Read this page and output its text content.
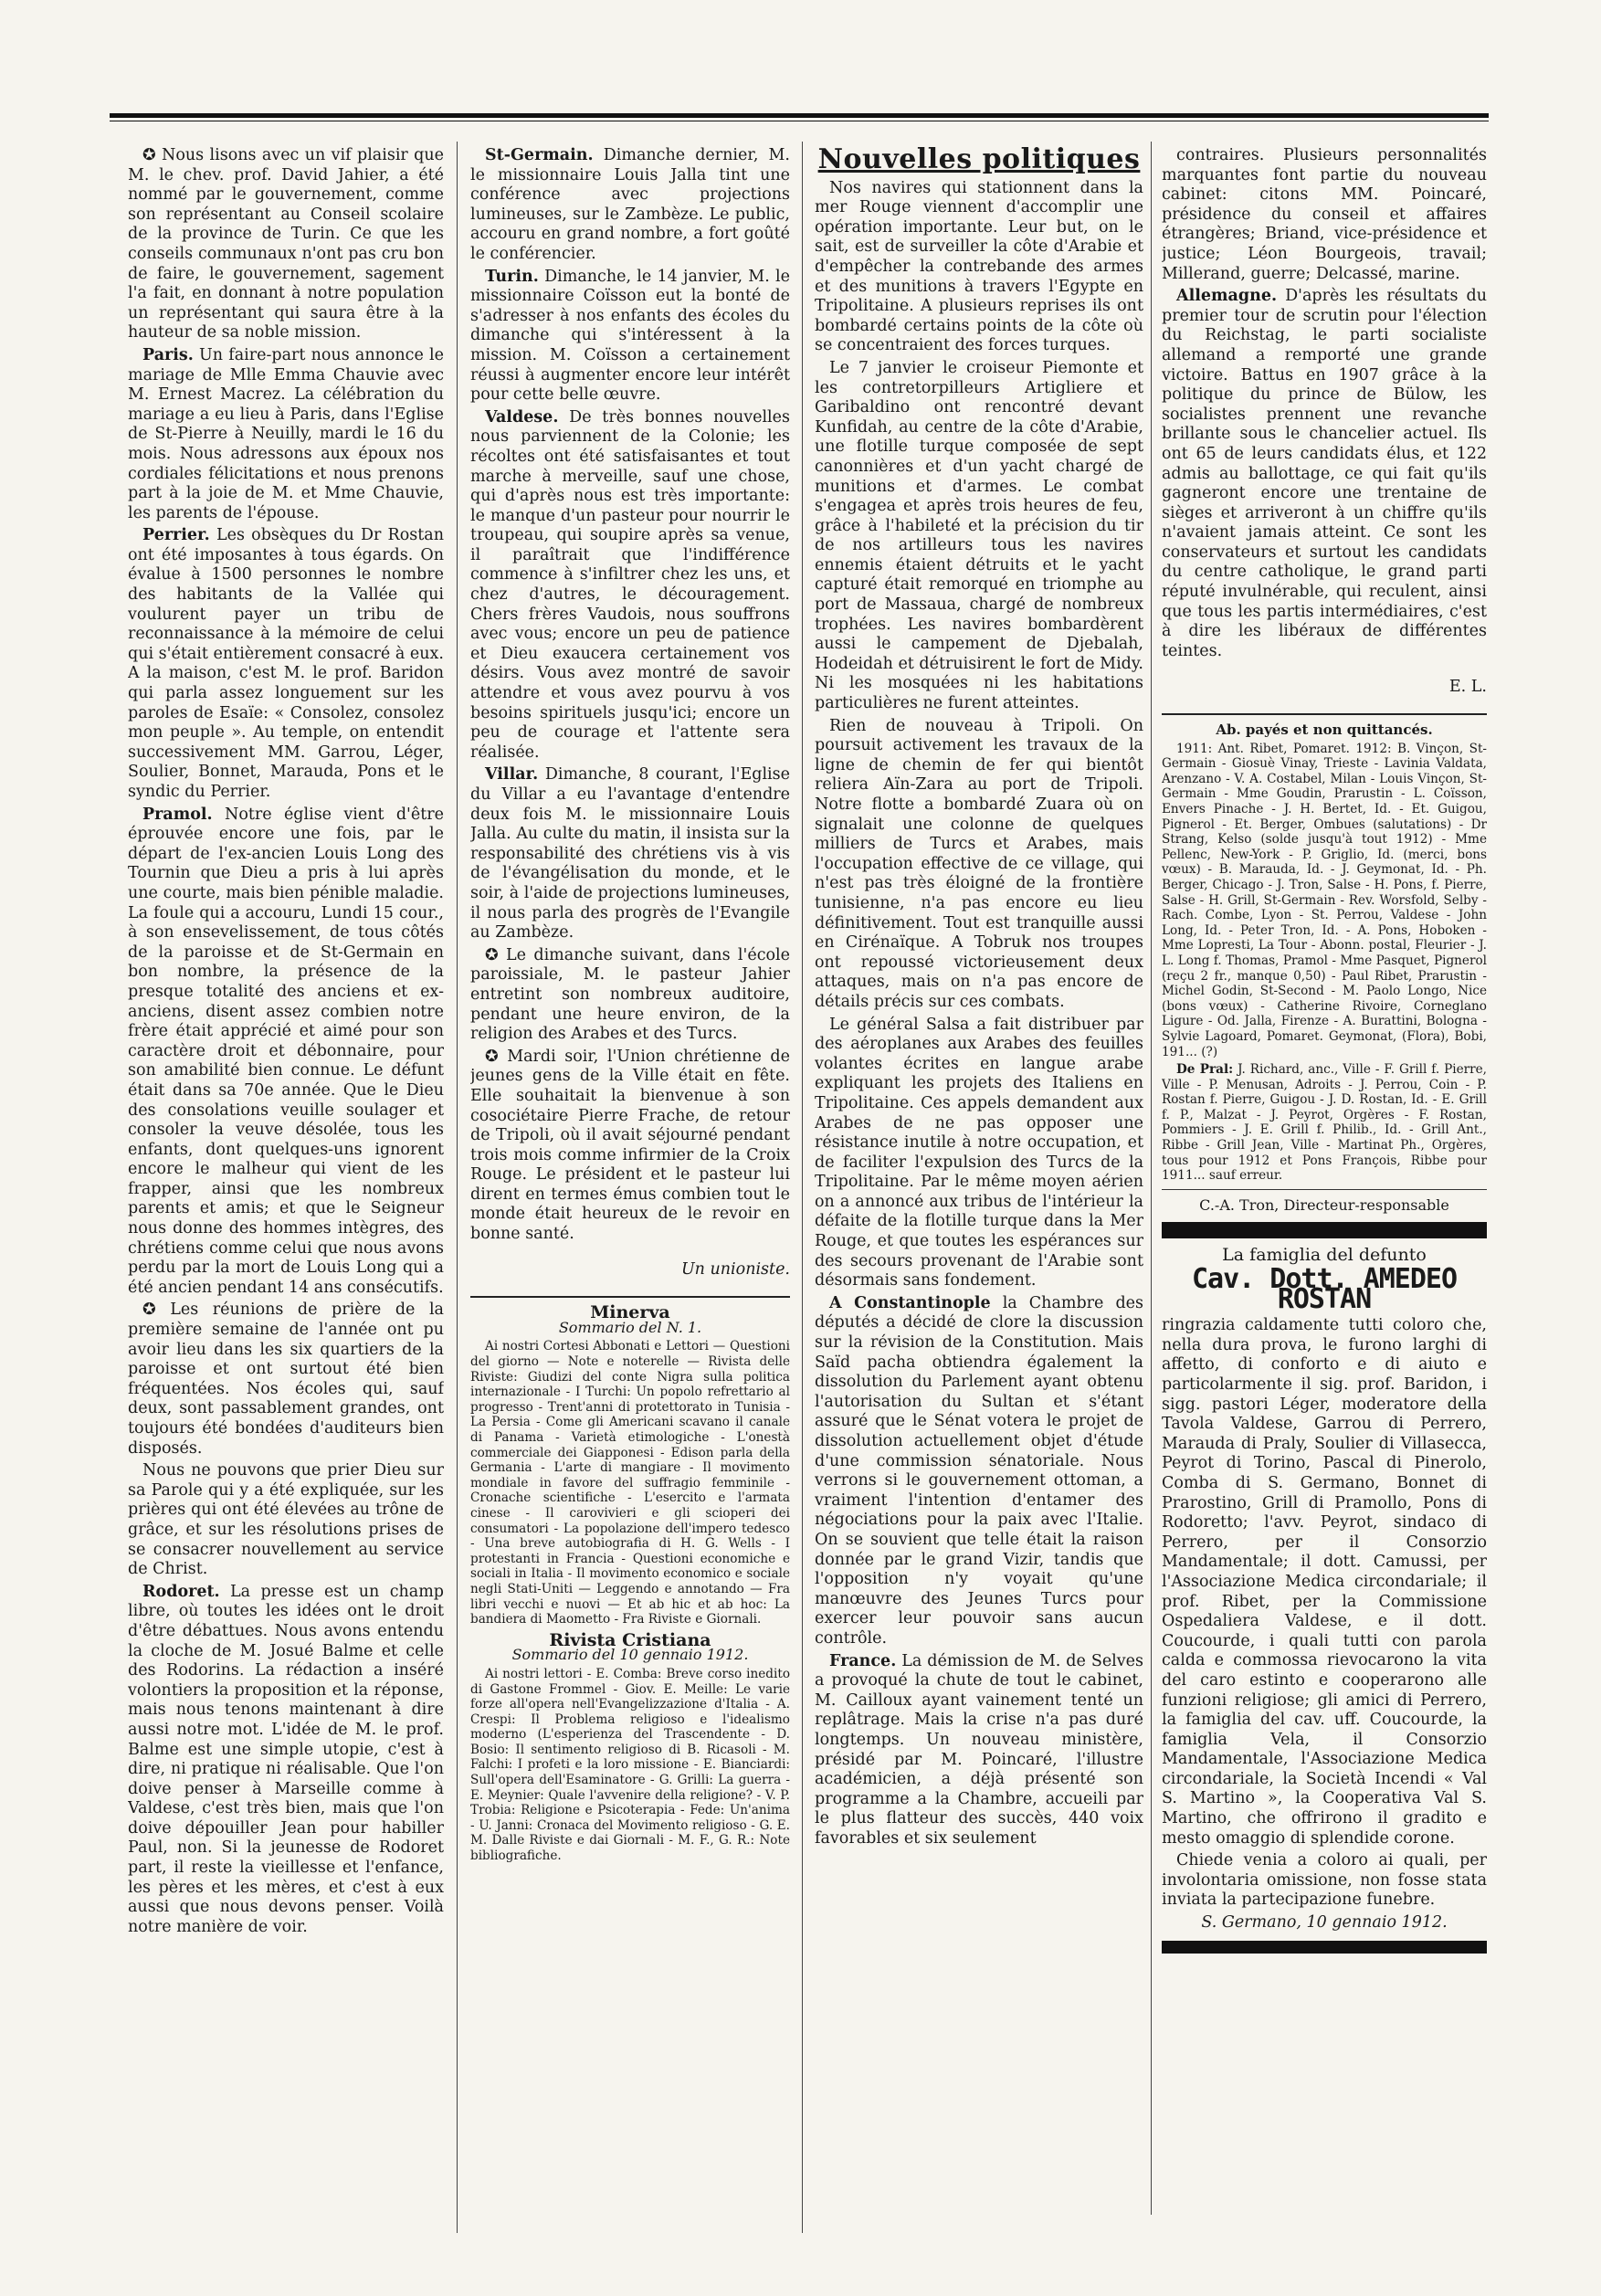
✪ Nous lisons avec un vif plaisir que M. le chev. prof. David Jahier, a été nommé par le gouvernement, comme son représentant au Conseil scolaire de la province de Turin. Ce que les conseils communaux n'ont pas cru bon de faire, le gouvernement, sagement l'a fait, en donnant à notre population un représentant qui saura être à la hauteur de sa noble mission.

Paris. Un faire-part nous annonce le mariage de Mlle Emma Chauvie avec M. Ernest Macrez. La célébration du mariage a eu lieu à Paris, dans l'Eglise de St-Pierre à Neuilly, mardi le 16 du mois. Nous adressons aux époux nos cordiales félicitations et nous prenons part à la joie de M. et Mme Chauvie, les parents de l'épouse.

Perrier. Les obsèques du Dr Rostan ont été imposantes à tous égards. On évalue à 1500 personnes le nombre des habitants de la Vallée qui voulurent payer un tribu de reconnaissance à la mémoire de celui qui s'était entièrement consacré à eux. A la maison, c'est M. le prof. Baridon qui parla assez longuement sur les paroles de Esaïe: « Consolez, consolez mon peuple ». Au temple, on entendit successivement MM. Garrou, Léger, Soulier, Bonnet, Marauda, Pons et le syndic du Perrier.

Pramol. Notre église vient d'être éprouvée encore une fois, par le départ de l'ex-ancien Louis Long des Tournin que Dieu a pris à lui après une courte, mais bien pénible maladie. La foule qui a accouru, Lundi 15 cour., à son ensevelissement, de tous côtés de la paroisse et de St-Germain en bon nombre, la présence de la presque totalité des anciens et ex-anciens, disent assez combien notre frère était apprécié et aimé pour son caractère droit et débonnaire, pour son amabilité bien connue. Le défunt était dans sa 70e année. Que le Dieu des consolations veuille soulager et consoler la veuve désolée, tous les enfants, dont quelques-uns ignorent encore le malheur qui vient de les frapper, ainsi que les nombreux parents et amis; et que le Seigneur nous donne des hommes intègres, des chrétiens comme celui que nous avons perdu par la mort de Louis Long qui a été ancien pendant 14 ans consécutifs.

✪ Les réunions de prière de la première semaine de l'année ont pu avoir lieu dans les six quartiers de la paroisse et ont surtout été bien fréquentées. Nos écoles qui, sauf deux, sont passablement grandes, ont toujours été bondées d'auditeurs bien disposés.

Nous ne pouvons que prier Dieu sur sa Parole qui y a été expliquée, sur les prières qui ont été élevées au trône de grâce, et sur les résolutions prises de se consacrer nouvellement au service de Christ.

Rodoret. La presse est un champ libre, où toutes les idées ont le droit d'être débattues. Nous avons entendu la cloche de M. Josué Balme et celle des Rodorins. La rédaction a inséré volontiers la proposition et la réponse, mais nous tenons maintenant à dire aussi notre mot. L'idée de M. le prof. Balme est une simple utopie, c'est à dire, ni pratique ni réalisable. Que l'on doive penser à Marseille comme à Valdese, c'est très bien, mais que l'on doive dépouiller Jean pour habiller Paul, non. Si la jeunesse de Rodoret part, il reste la vieillesse et l'enfance, les pères et les mères, et c'est à eux aussi que nous devons penser. Voilà notre manière de voir.

St-Germain. Dimanche dernier, M. le missionnaire Louis Jalla tint une conférence avec projections lumineuses, sur le Zambèze. Le public, accouru en grand nombre, a fort goûté le conférencier.

Turin. Dimanche, le 14 janvier, M. le missionnaire Coïsson eut la bonté de s'adresser à nos enfants des écoles du dimanche qui s'intéressent à la mission. M. Coïsson a certainement réussi à augmenter encore leur intérêt pour cette belle œuvre.

Valdese. De très bonnes nouvelles nous parviennent de la Colonie; les récoltes ont été satisfaisantes et tout marche à merveille, sauf une chose, qui d'après nous est très importante: le manque d'un pasteur pour nourrir le troupeau, qui soupire après sa venue, il paraîtrait que l'indifférence commence à s'infiltrer chez les uns, et chez d'autres, le découragement. Chers frères Vaudois, nous souffrons avec vous; encore un peu de patience et Dieu exaucera certainement vos désirs. Vous avez montré de savoir attendre et vous avez pourvu à vos besoins spirituels jusqu'ici; encore un peu de courage et l'attente sera réalisée.

Villar. Dimanche, 8 courant, l'Eglise du Villar a eu l'avantage d'entendre deux fois M. le missionnaire Louis Jalla. Au culte du matin, il insista sur la responsabilité des chrétiens vis à vis de l'évangélisation du monde, et le soir, à l'aide de projections lumineuses, il nous parla des progrès de l'Evangile au Zambèze.

✪ Le dimanche suivant, dans l'école paroissiale, M. le pasteur Jahier entretint son nombreux auditoire, pendant une heure environ, de la religion des Arabes et des Turcs.

✪ Mardi soir, l'Union chrétienne de jeunes gens de la Ville était en fête. Elle souhaitait la bienvenue à son cosociétaire Pierre Frache, de retour de Tripoli, où il avait séjourné pendant trois mois comme infirmier de la Croix Rouge. Le président et le pasteur lui dirent en termes émus combien tout le monde était heureux de le revoir en bonne santé.

Un unioniste.

Minerva

Sommario del N. 1.

Ai nostri Cortesi Abbonati e Lettori — Questioni del giorno — Note e noterelle — Rivista delle Riviste: Giudizi del conte Nigra sulla politica internazionale - I Turchi: Un popolo refrettario al progresso - Trent'anni di protettorato in Tunisia - La Persia - Come gli Americani scavano il canale di Panama - Varietà etimologiche - L'onestà commerciale dei Giapponesi - Edison parla della Germania - L'arte di mangiare - Il movimento mondiale in favore del suffragio femminile - Cronache scientifiche - L'esercito e l'armata cinese - Il carovivieri e gli scioperi dei consumatori - La popolazione dell'impero tedesco - Una breve autobiografia di H. G. Wells - I protestanti in Francia - Questioni economiche e sociali in Italia - Il movimento economico e sociale negli Stati-Uniti — Leggendo e annotando — Fra libri vecchi e nuovi — Et ab hic et ab hoc: La bandiera di Maometto - Fra Riviste e Giornali.

Rivista Cristiana

Sommario del 10 gennaio 1912.

Ai nostri lettori - E. Comba: Breve corso inedito di Gastone Frommel - Giov. E. Meille: Le varie forze all'opera nell'Evangelizzazione d'Italia - A. Crespi: Il Problema religioso e l'idealismo moderno (L'esperienza del Trascendente - D. Bosio: Il sentimento religioso di B. Ricasoli - M. Falchi: I profeti e la loro missione - E. Bianciardi: Sull'opera dell'Esaminatore - G. Grilli: La guerra - E. Meynier: Quale l'avvenire della religione? - V. P. Trobia: Religione e Psicoterapia - Fede: Un'anima - U. Janni: Cronaca del Movimento religioso - G. E. M. Dalle Riviste e dai Giornali - M. F., G. R.: Note bibliografiche.

Nouvelles politiques

Nos navires qui stationnent dans la mer Rouge viennent d'accomplir une opération importante. Leur but, on le sait, est de surveiller la côte d'Arabie et d'empêcher la contrebande des armes et des munitions à travers l'Egypte en Tripolitaine. A plusieurs reprises ils ont bombardé certains points de la côte où se concentraient des forces turques.

Le 7 janvier le croiseur Piemonte et les contretorpilleurs Artigliere et Garibaldino ont rencontré devant Kunfidah, au centre de la côte d'Arabie, une flotille turque composée de sept canonnières et d'un yacht chargé de munitions et d'armes. Le combat s'engagea et après trois heures de feu, grâce à l'habileté et la précision du tir de nos artilleurs tous les navires ennemis étaient détruits et le yacht capturé était remorqué en triomphe au port de Massaua, chargé de nombreux trophées. Les navires bombardèrent aussi le campement de Djebalah, Hodeidah et détruisirent le fort de Midy. Ni les mosquées ni les habitations particulières ne furent atteintes.

Rien de nouveau à Tripoli. On poursuit activement les travaux de la ligne de chemin de fer qui bientôt reliera Aïn-Zara au port de Tripoli. Notre flotte a bombardé Zuara où on signalait une colonne de quelques milliers de Turcs et Arabes, mais l'occupation effective de ce village, qui n'est pas très éloigné de la frontière tunisienne, n'a pas encore eu lieu définitivement. Tout est tranquille aussi en Cirénaïque. A Tobruk nos troupes ont repoussé victorieusement deux attaques, mais on n'a pas encore de détails précis sur ces combats.

Le général Salsa a fait distribuer par des aéroplanes aux Arabes des feuilles volantes écrites en langue arabe expliquant les projets des Italiens en Tripolitaine. Ces appels demandent aux Arabes de ne pas opposer une résistance inutile à notre occupation, et de faciliter l'expulsion des Turcs de la Tripolitaine. Par le même moyen aérien on a annoncé aux tribus de l'intérieur la défaite de la flotille turque dans la Mer Rouge, et que toutes les espérances sur des secours provenant de l'Arabie sont désormais sans fondement.

A Constantinople la Chambre des députés a décidé de clore la discussion sur la révision de la Constitution. Mais Saïd pacha obtiendra également la dissolution du Parlement ayant obtenu l'autorisation du Sultan et s'étant assuré que le Sénat votera le projet de dissolution actuellement objet d'étude d'une commission sénatoriale. Nous verrons si le gouvernement ottoman, a vraiment l'intention d'entamer des négociations pour la paix avec l'Italie. On se souvient que telle était la raison donnée par le grand Vizir, tandis que l'opposition n'y voyait qu'une manœuvre des Jeunes Turcs pour exercer leur pouvoir sans aucun contrôle.

France. La démission de M. de Selves a provoqué la chute de tout le cabinet, M. Cailloux ayant vainement tenté un replâtrage. Mais la crise n'a pas duré longtemps. Un nouveau ministère, présidé par M. Poincaré, l'illustre académicien, a déjà présenté son programme a la Chambre, accueili par le plus flatteur des succès, 440 voix favorables et six seulement

contraires. Plusieurs personnalités marquantes font partie du nouveau cabinet: citons MM. Poincaré, présidence du conseil et affaires étrangères; Briand, vice-présidence et justice; Léon Bourgeois, travail; Millerand, guerre; Delcassé, marine.

Allemagne. D'après les résultats du premier tour de scrutin pour l'élection du Reichstag, le parti socialiste allemand a remporté une grande victoire. Battus en 1907 grâce à la politique du prince de Bülow, les socialistes prennent une revanche brillante sous le chancelier actuel. Ils ont 65 de leurs candidats élus, et 122 admis au ballottage, ce qui fait qu'ils gagneront encore une trentaine de sièges et arriveront à un chiffre qu'ils n'avaient jamais atteint. Ce sont les conservateurs et surtout les candidats du centre catholique, le grand parti réputé invulnérable, qui reculent, ainsi que tous les partis intermédiaires, c'est à dire les libéraux de différentes teintes.

E. L.

Ab. payés et non quittancés.

1911: Ant. Ribet, Pomaret. 1912: B. Vinçon, St-Germain - Giosuè Vinay, Trieste - Lavinia Valdata, Arenzano - V. A. Costabel, Milan - Louis Vinçon, St-Germain - Mme Goudin, Prarustin - L. Coïsson, Envers Pinache - J. H. Bertet, Id. - Et. Guigou, Pignerol - Et. Berger, Ombues (salutations) - Dr Strang, Kelso (solde jusqu'à tout 1912) - Mme Pellenc, New-York - P. Griglio, Id. (merci, bons vœux) - B. Marauda, Id. - J. Geymonat, Id. - Ph. Berger, Chicago - J. Tron, Salse - H. Pons, f. Pierre, Salse - H. Grill, St-Germain - Rev. Worsfold, Selby - Rach. Combe, Lyon - St. Perrou, Valdese - John Long, Id. - Peter Tron, Id. - A. Pons, Hoboken - Mme Lopresti, La Tour - Abonn. postal, Fleurier - J. L. Long f. Thomas, Pramol - Mme Pasquet, Pignerol (reçu 2 fr., manque 0,50) - Paul Ribet, Prarustin - Michel Godin, St-Second - M. Paolo Longo, Nice (bons vœux) - Catherine Rivoire, Corneglano Ligure - Od. Jalla, Firenze - A. Burattini, Bologna - Sylvie Lagoard, Pomaret. Geymonat, (Flora), Bobi, 191... (?)

De Pral: J. Richard, anc., Ville - F. Grill f. Pierre, Ville - P. Menusan, Adroits - J. Perrou, Coin - P. Rostan f. Pierre, Guigou - J. D. Rostan, Id. - E. Grill f. P., Malzat - J. Peyrot, Orgères - F. Rostan, Pommiers - J. E. Grill f. Philib., Id. - Grill Ant., Ribbe - Grill Jean, Ville - Martinat Ph., Orgères, tous pour 1912 et Pons François, Ribbe pour 1911... sauf erreur.

C.-A. Tron, Directeur-responsable

La famiglia del defunto

Cav. Dott. AMEDEO ROSTAN

ringrazia caldamente tutti coloro che, nella dura prova, le furono larghi di affetto, di conforto e di aiuto e particolarmente il sig. prof. Baridon, i sigg. pastori Léger, moderatore della Tavola Valdese, Garrou di Perrero, Marauda di Praly, Soulier di Villasecca, Peyrot di Torino, Pascal di Pinerolo, Comba di S. Germano, Bonnet di Prarostino, Grill di Pramollo, Pons di Rodoretto; l'avv. Peyrot, sindaco di Perrero, per il Consorzio Mandamentale; il dott. Camussi, per l'Associazione Medica circondariale; il prof. Ribet, per la Commissione Ospedaliera Valdese, e il dott. Coucourde, i quali tutti con parola calda e commossa rievocarono la vita del caro estinto e cooperarono alle funzioni religiose; gli amici di Perrero, la famiglia del cav. uff. Coucourde, la famiglia Vela, il Consorzio Mandamentale, l'Associazione Medica circondariale, la Società Incendi « Val S. Martino », la Cooperativa Val S. Martino, che offrirono il gradito e mesto omaggio di splendide corone.

Chiede venia a coloro ai quali, per involontaria omissione, non fosse stata inviata la partecipazione funebre.

S. Germano, 10 gennaio 1912.
